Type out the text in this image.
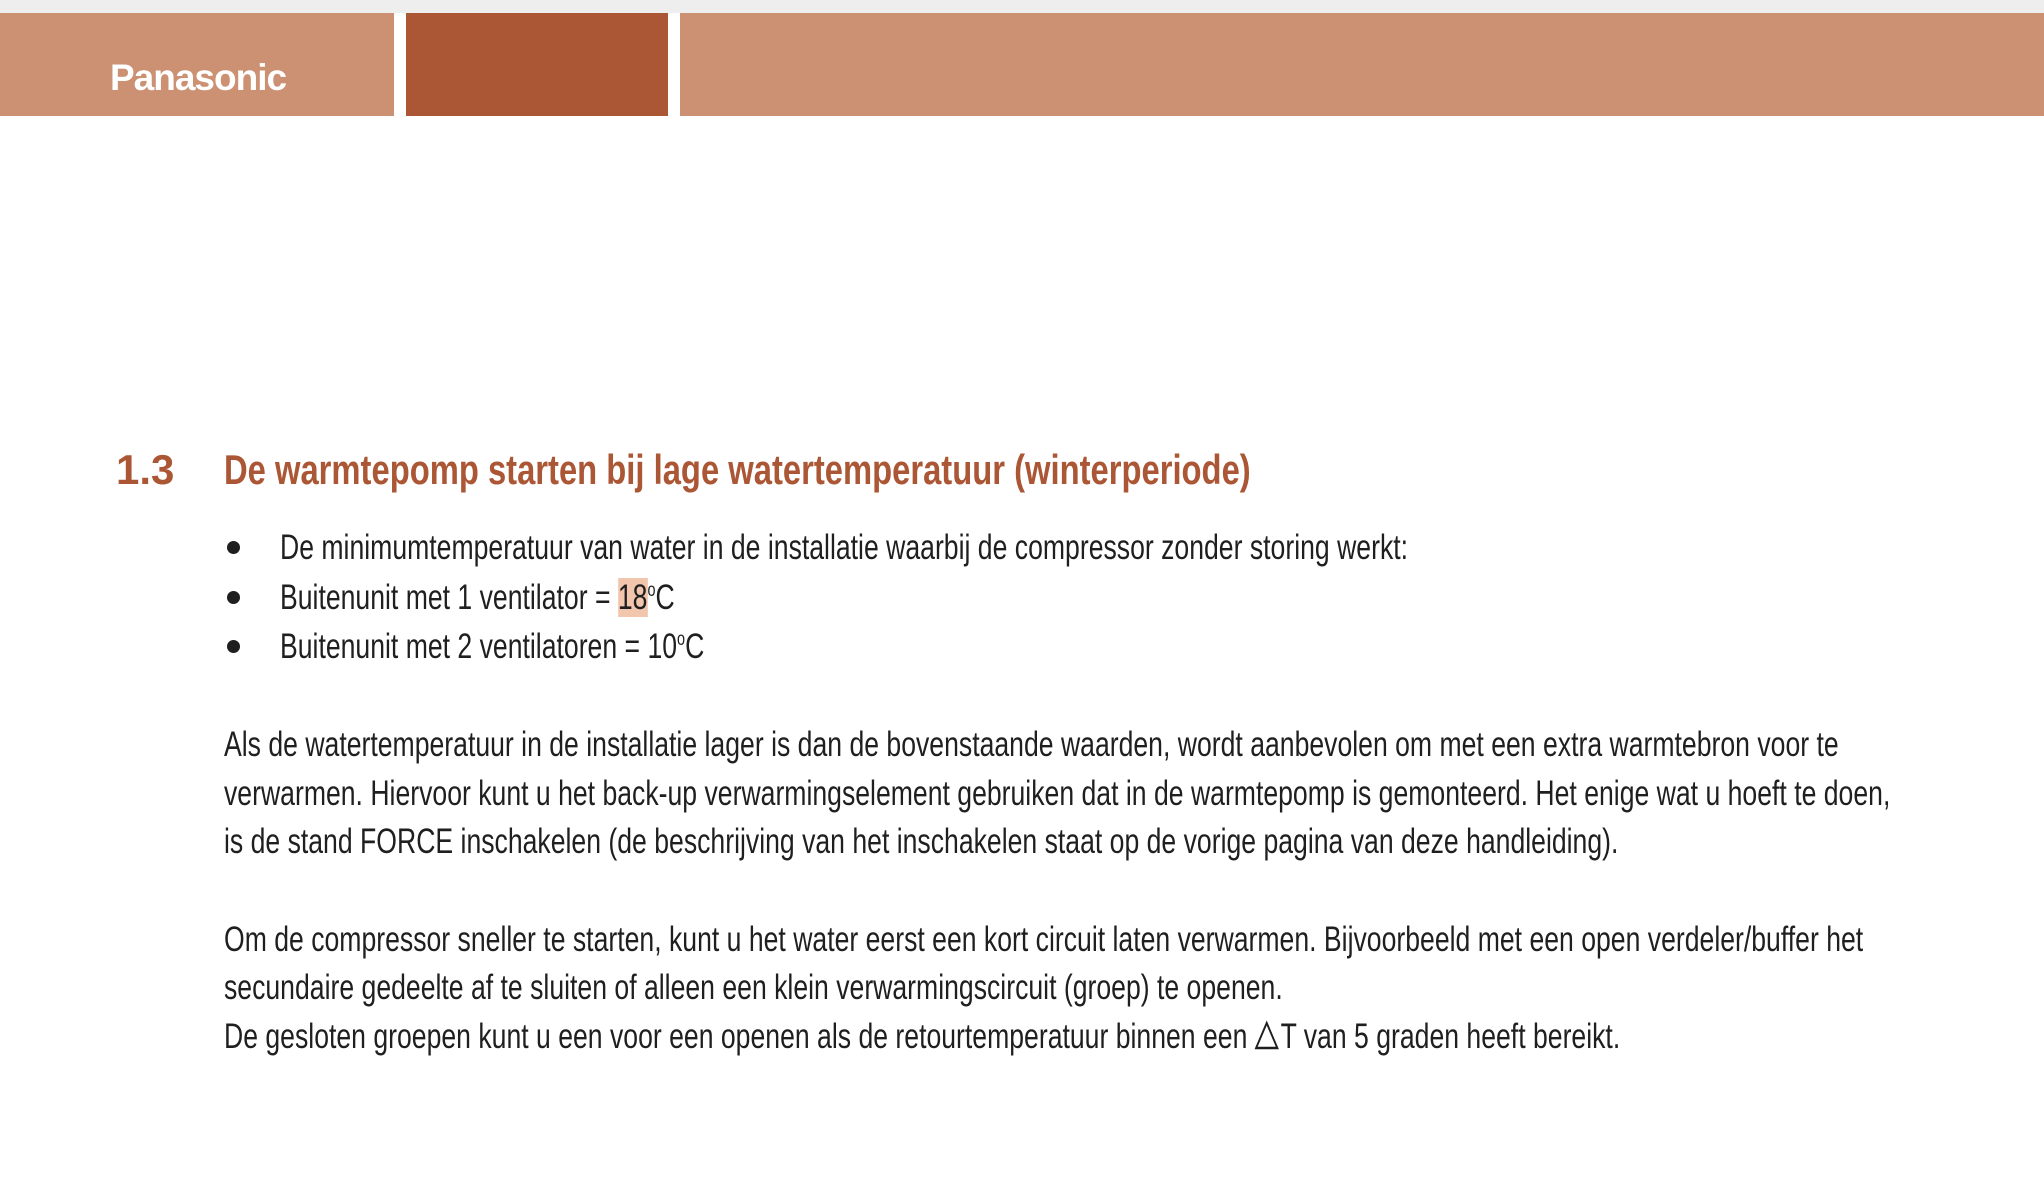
Panasonic
1.3 De warmtepomp starten bij lage watertemperatuur (winterperiode)
De minimumtemperatuur van water in de installatie waarbij de compressor zonder storing werkt:
Buitenunit met 1 ventilator = $18^oC$
Buitenunit met 2 ventilatoren = $10^oC$
Als de watertemperatuur in de installatie lager is dan de bovenstaande waarden, wordt aanbevolen om met een extra warmtebron voor te
verwarmen. Hiervoor kunt u het back-up verwarmingselement gebruiken dat in de warmtepomp is gemonteerd. Het enige wat u hoeft te doen,
is de stand FORCE inschakelen (de beschrijving van het inschakelen staat op de vorige pagina van deze handleiding).
Om de compressor sneller te starten, kunt u het water eerst een kort circuit laten verwarmen. Bijvoorbeeld met een open verdeler/buffer het
secundaire gedeelte af te sluiten of alleen een klein verwarmingscircuit (groep) te openen.
De gesloten groepen kunt u een voor een openen als de retourtemperatuur binnen een T van 5 graden heeft bereikt.
